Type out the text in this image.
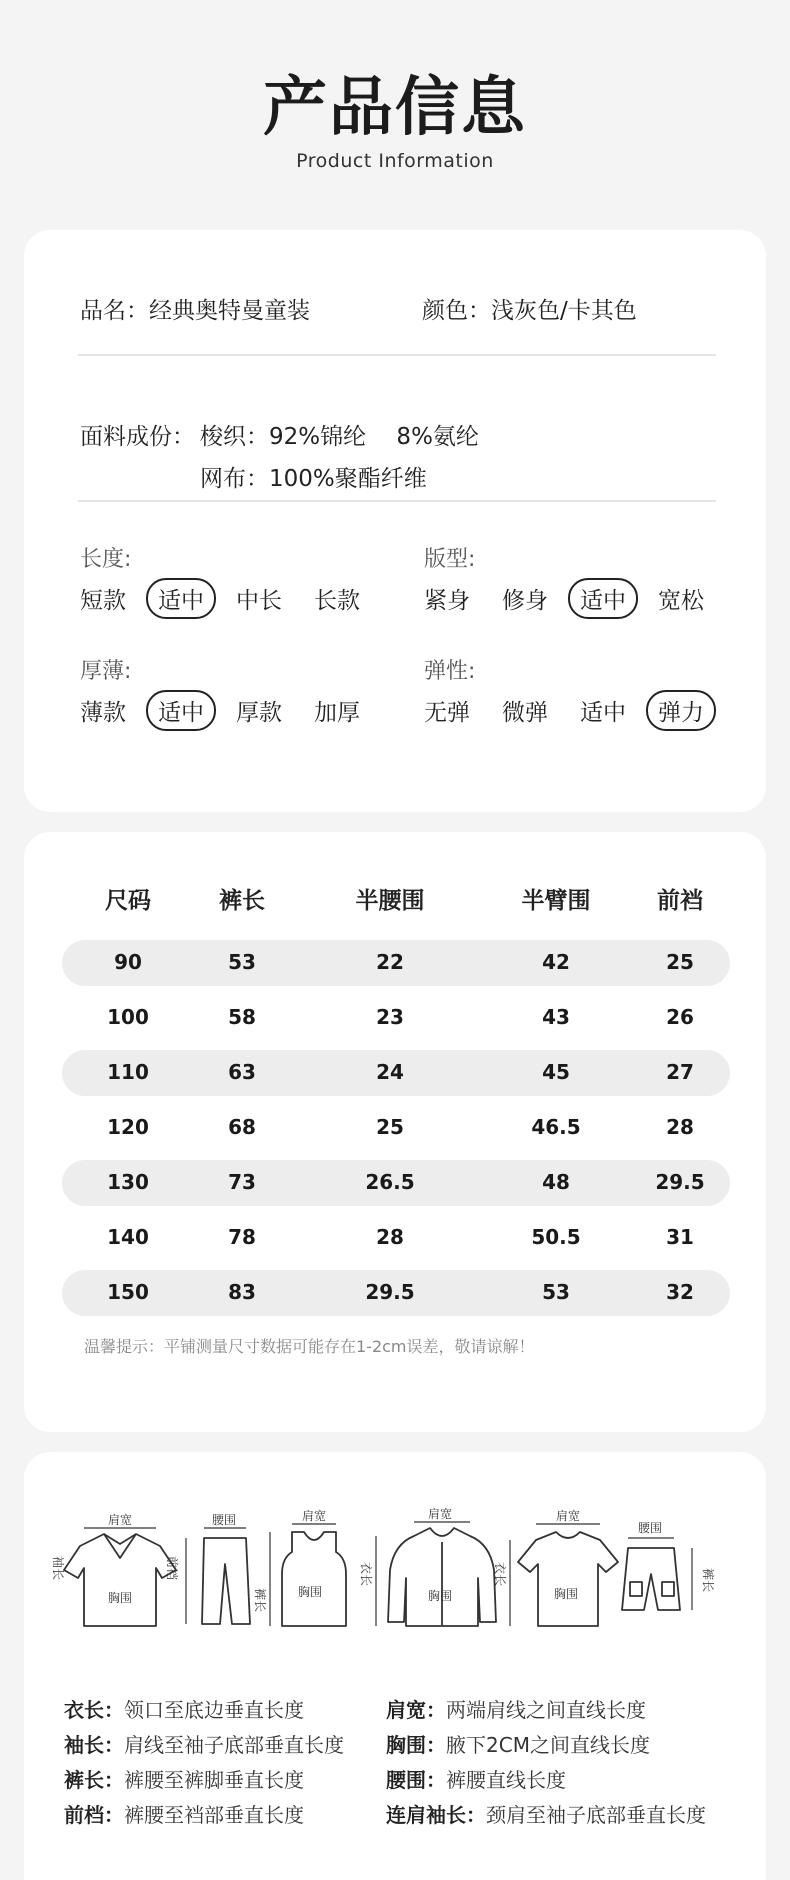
产品信息
Product Information
品名：经典奥特曼童装	颜色：浅灰色/卡其色
面料成份： 梭织：92%锦纶　 8%氨纶
网布：100%聚酯纤维
长度:	版型:
厚薄:	弹性:
短款	适中	中长 长款	紧身 修身	适中	宽松
薄款	适中	厚款 加厚	无弹 微弹 适中	弹力
尺码	裤长	半腰围	半臂围	前裆
90	53	22	42	25
100	58	23	43	26
110	63	24	45	27
120	68	25	46.5	28
130	73	26.5	48	29.5
140	78	28	50.5	31
150	83	29.5	53	32
温馨提示：平铺测量尺寸数据可能存在1-2cm误差，敬请谅解！
肩宽	腰围	肩宽	肩宽	肩宽
腰围
胸围	胸围	胸围	胸围
裤长
裤长
衣长	衣长
袖长	前裆
衣长：领口至底边垂直长度
袖长：肩线至袖子底部垂直长度
裤长：裤腰至裤脚垂直长度
前档：裤腰至裆部垂直长度
肩宽：两端肩线之间直线长度
胸围：腋下2CM之间直线长度
腰围：裤腰直线长度
连肩袖长：颈肩至袖子底部垂直长度
